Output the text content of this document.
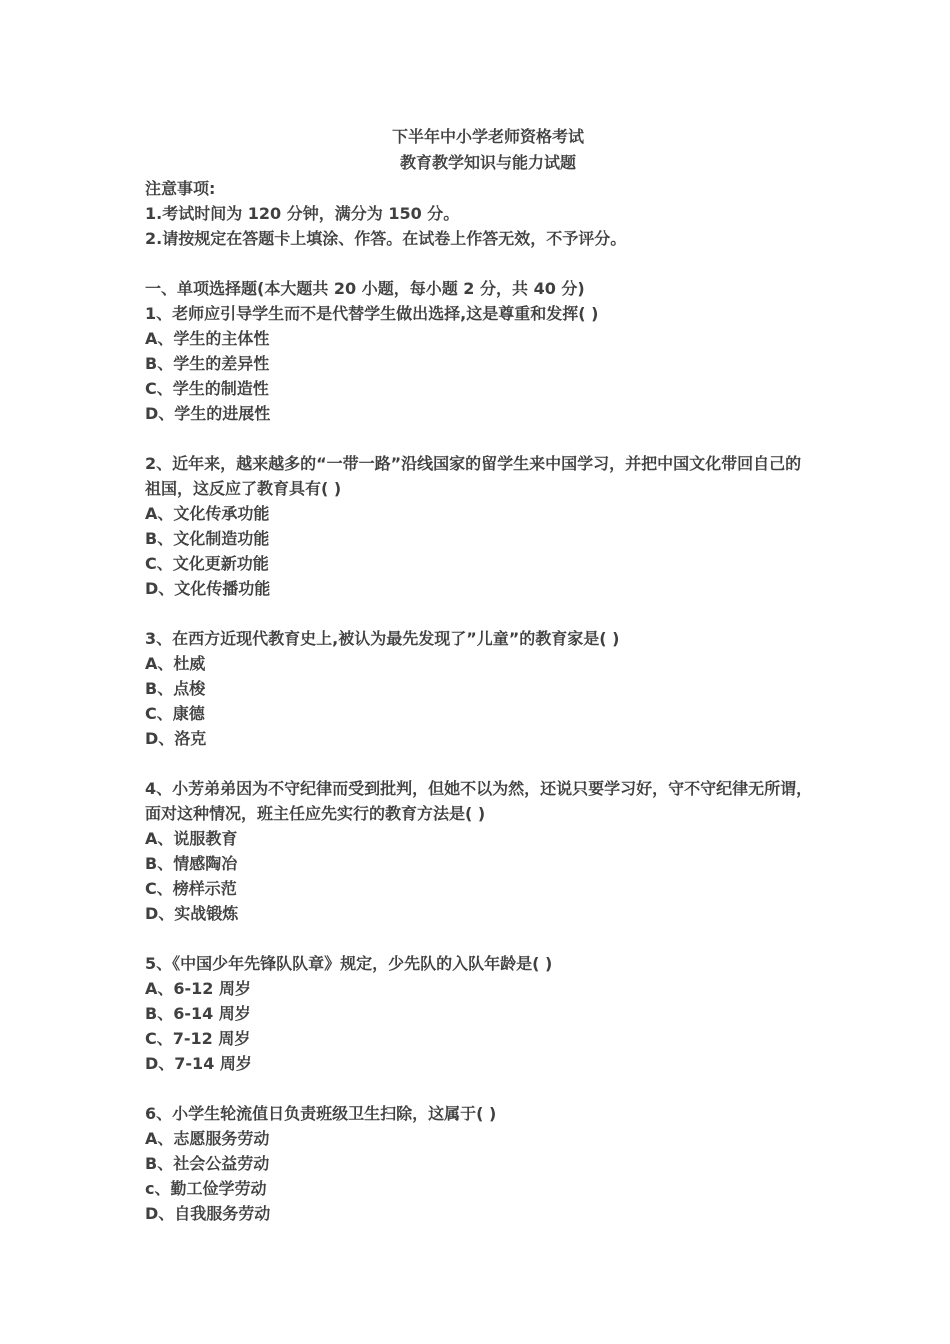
下半年中小学老师资格考试
教育教学知识与能力试题
注意事项:
1.考试时间为 120 分钟，满分为 150 分。
2.请按规定在答题卡上填涂、作答。在试卷上作答无效，不予评分。
一、单项选择题(本大题共 20 小题，每小题 2 分，共 40 分)
1、老师应引导学生而不是代替学生做出选择,这是尊重和发挥( )
A、学生的主体性
B、学生的差异性
C、学生的制造性
D、学生的进展性
2、近年来，越来越多的“一带一路”沿线国家的留学生来中国学习，并把中国文化带回自己的祖国，这反应了教育具有( )
A、文化传承功能
B、文化制造功能
C、文化更新功能
D、文化传播功能
3、在西方近现代教育史上,被认为最先发现了”儿童”的教育家是( )
A、杜威
B、点梭
C、康德
D、洛克
4、小芳弟弟因为不守纪律而受到批判，但她不以为然，还说只要学习好，守不守纪律无所谓，面对这种情况，班主任应先实行的教育方法是( )
A、说服教育
B、情感陶冶
C、榜样示范
D、实战锻炼
5、《中国少年先锋队队章》规定，少先队的入队年龄是( )
A、6-12 周岁
B、6-14 周岁
C、7-12 周岁
D、7-14 周岁
6、小学生轮流值日负责班级卫生扫除，这属于( )
A、志愿服务劳动
B、社会公益劳动
c、勤工俭学劳动
D、自我服务劳动
